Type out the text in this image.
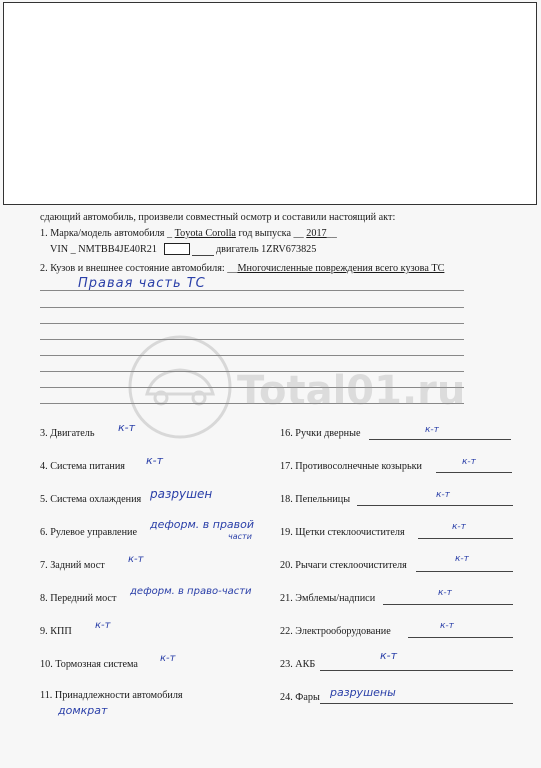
сдающий автомобиль, произвели совместный осмотр и составили настоящий акт:
1. Марка/модель автомобиля _ Toyota Corolla год выпуска __ 2017__
VIN _ NMTBB4JE40R21	двигатель 1ZRV673825
2. Кузов и внешнее состояние автомобиля: __Многочисленные повреждения всего кузова ТС
Правая часть ТС
Total01.ru
3. Двигатель к-т
4. Система питания к-т
5. Система охлаждения разрушен
6. Рулевое управление
деформ. в правой
части
7. Задний мост
к-т
8. Передний мост
деформ. в право-части
9. КПП
к-т
10. Тормозная система
к-т
11. Принадлежности автомобиля
домкрат
16. Ручки дверные	к-т
17. Противосолнечные козырьки	к-т
18. Пепельницы	к-т
19. Щетки стеклоочистителя	к-т
20. Рычаги стеклоочистителя
к-т
21. Эмблемы/надписи	к-т
22. Электрооборудование	к-т
23. АКБ
к-т
24. Фары разрушены
